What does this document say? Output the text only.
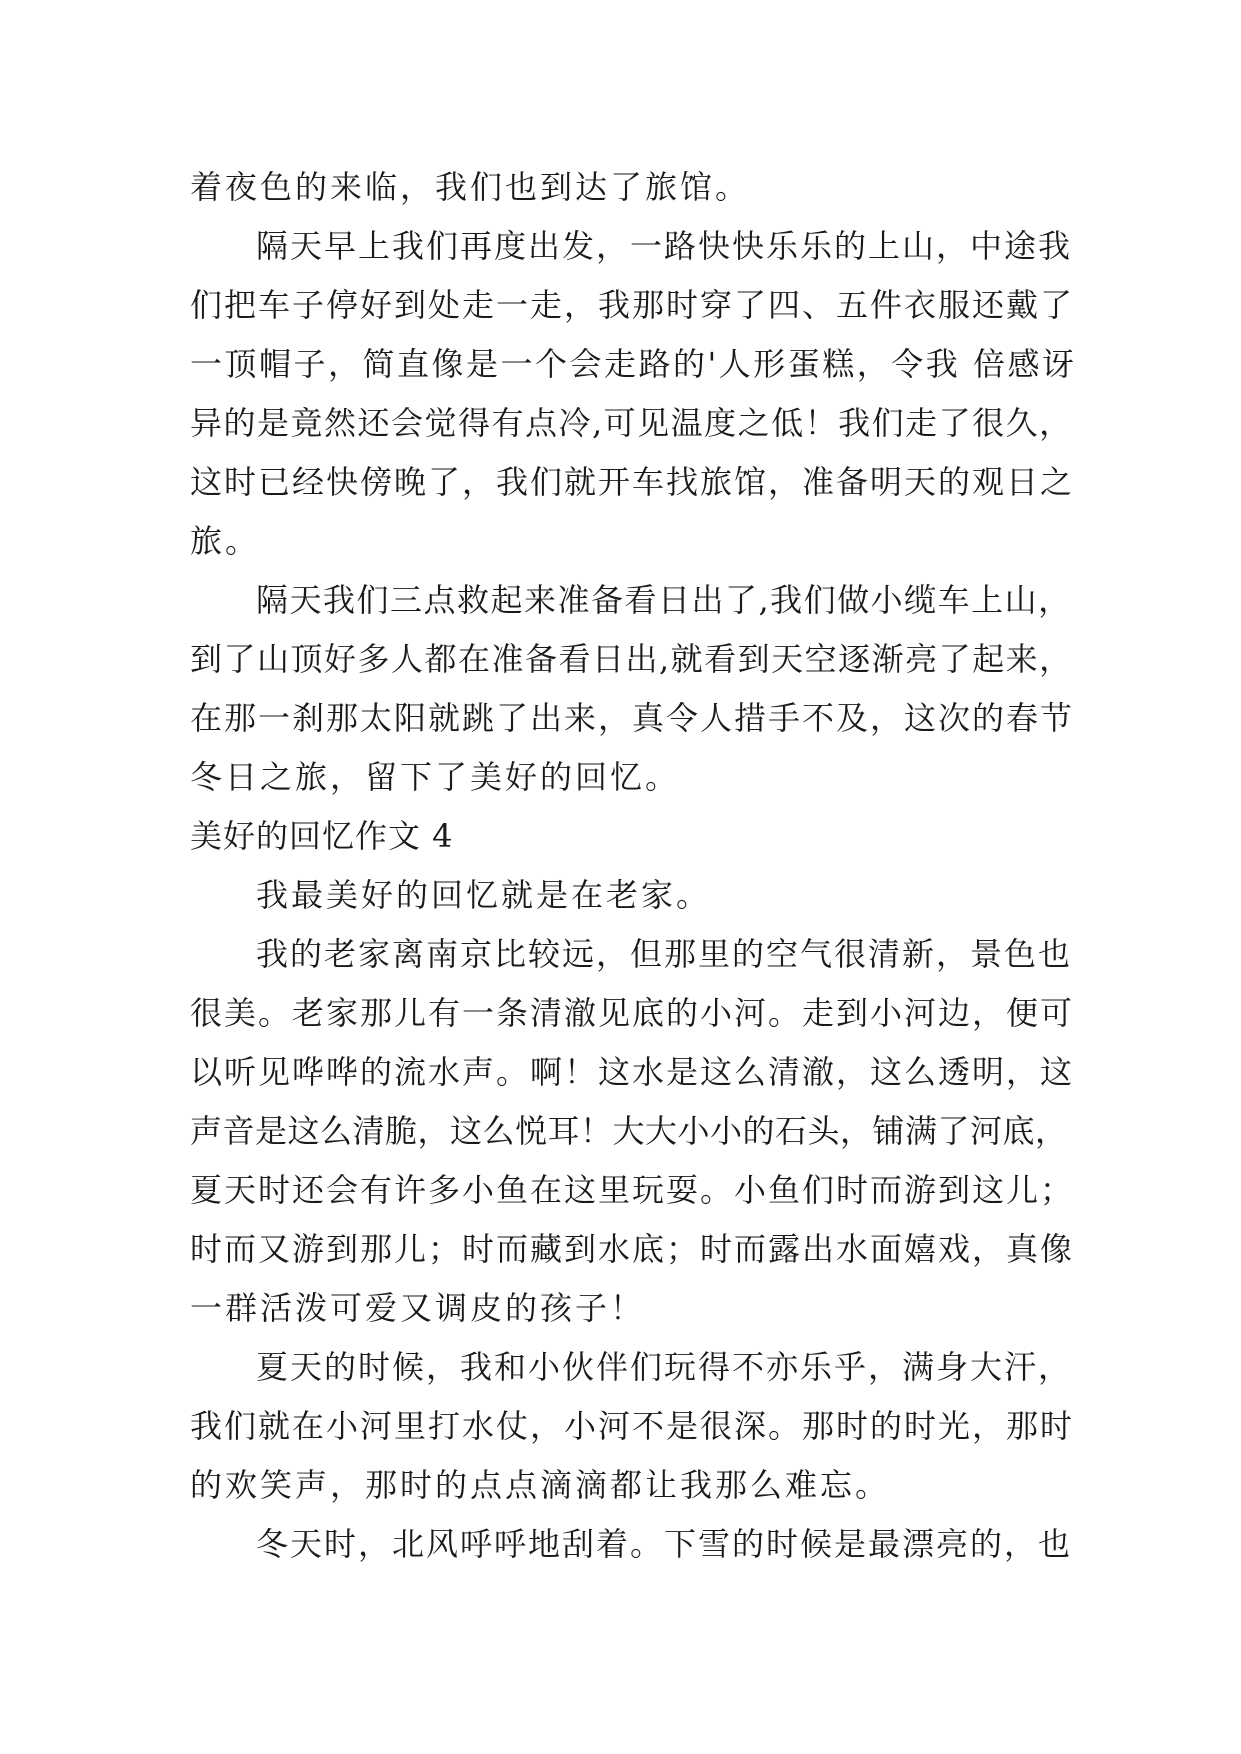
着夜色的来临，我们也到达了旅馆。
隔天早上我们再度出发，一路快快乐乐的上山，中途我
们把车子停好到处走一走，我那时穿了四、五件衣服还戴了
一顶帽子，简直像是一个会走路的'人形蛋糕，令我 倍感讶
异的是竟然还会觉得有点冷,可见温度之低！我们走了很久，
这时已经快傍晚了，我们就开车找旅馆，准备明天的观日之
旅。
隔天我们三点救起来准备看日出了,我们做小缆车上山，
到了山顶好多人都在准备看日出,就看到天空逐渐亮了起来，
在那一刹那太阳就跳了出来，真令人措手不及，这次的春节
冬日之旅，留下了美好的回忆。
美好的回忆作文 4
我最美好的回忆就是在老家。
我的老家离南京比较远，但那里的空气很清新，景色也
很美。老家那儿有一条清澈见底的小河。走到小河边，便可
以听见哗哗的流水声。啊！这水是这么清澈，这么透明，这
声音是这么清脆，这么悦耳！大大小小的石头，铺满了河底，
夏天时还会有许多小鱼在这里玩耍。小鱼们时而游到这儿；
时而又游到那儿；时而藏到水底；时而露出水面嬉戏，真像
一群活泼可爱又调皮的孩子！
夏天的时候，我和小伙伴们玩得不亦乐乎，满身大汗，
我们就在小河里打水仗，小河不是很深。那时的时光，那时
的欢笑声，那时的点点滴滴都让我那么难忘。
冬天时，北风呼呼地刮着。下雪的时候是最漂亮的，也
